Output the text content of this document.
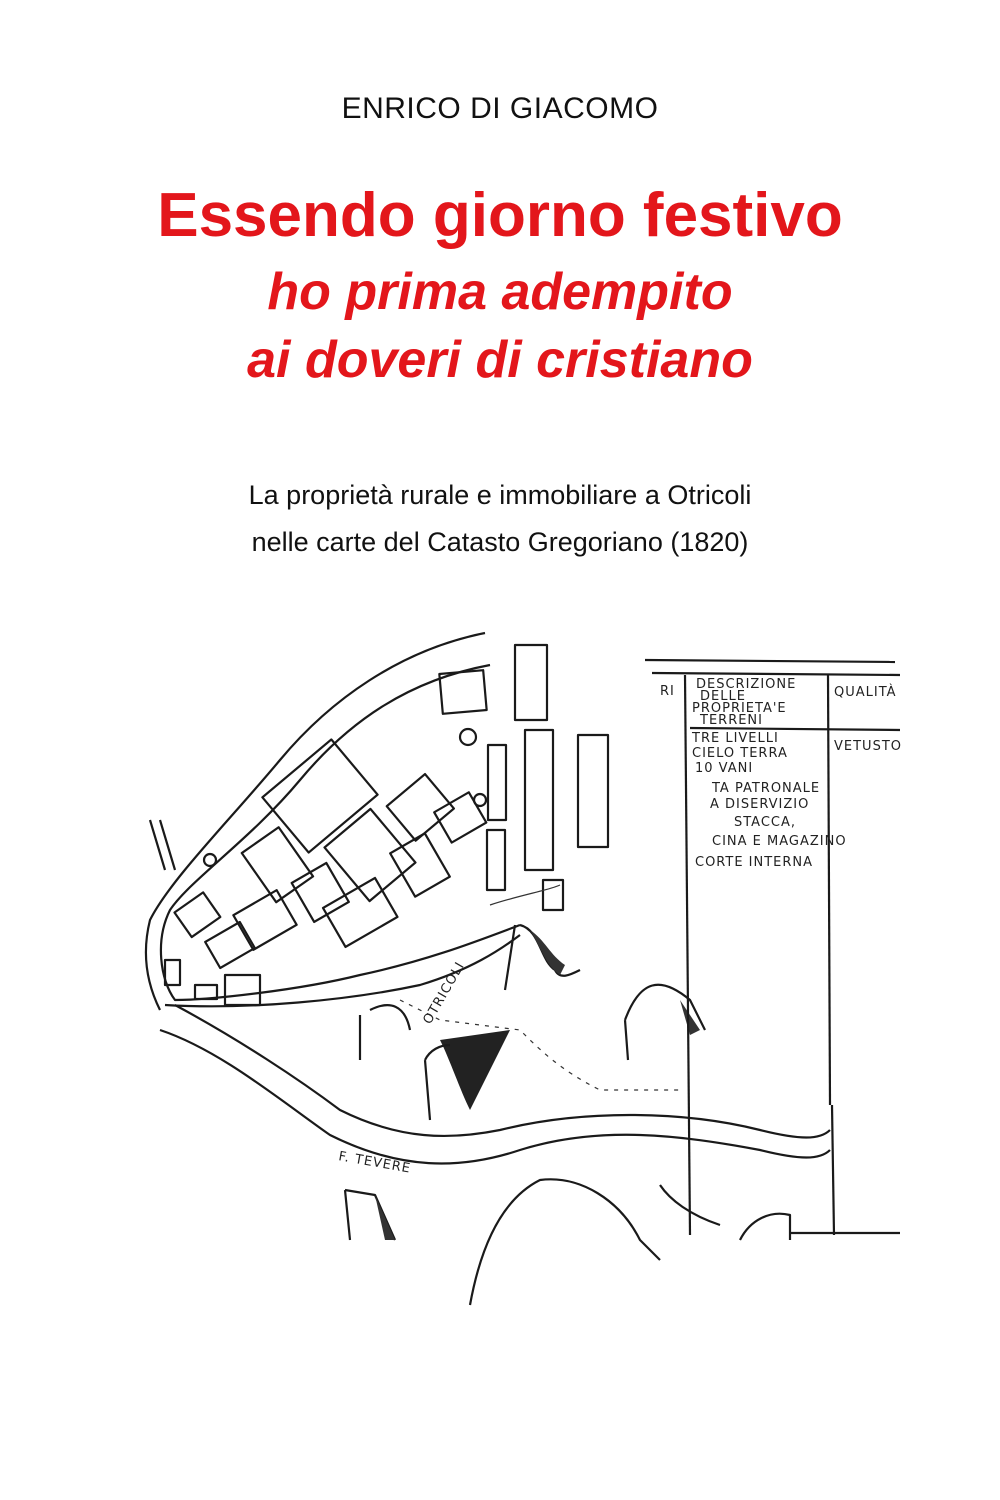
ENRICO DI GIACOMO
Essendo giorno festivo
ho prima adempito
ai doveri di cristiano
La proprietà rurale e immobiliare a Otricoli
nelle carte del Catasto Gregoriano (1820)
OTRICOLI
F. TEVERE
RI DESCRIZIONE
DELLE
PROPRIETA'E
TERRENI
QUALITÀ
VETUSTO
TRE LIVELLI
CIELO TERRA
10 VANI
TA PATRONALE
A DISERVIZIO
STACCA,
CINA E MAGAZINO
CORTE INTERNA
